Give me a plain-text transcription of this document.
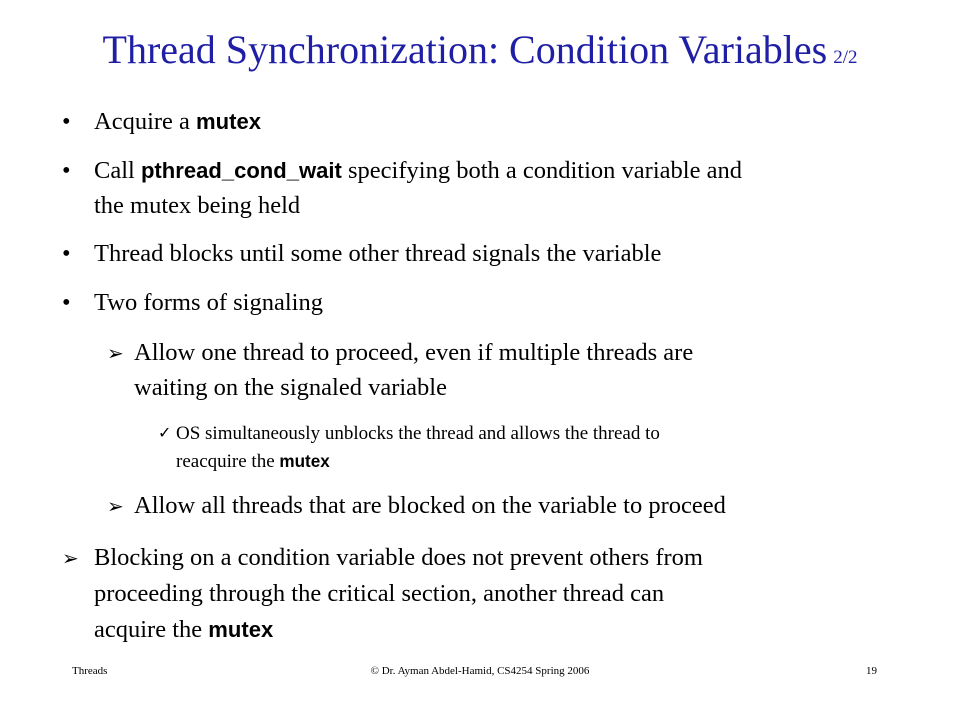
Thread Synchronization: Condition Variables 2/2
• Acquire a mutex
• Call pthread_cond_wait specifying both a condition variable and
the mutex being held
• Thread blocks until some other thread signals the variable
• Two forms of signaling
➢ Allow one thread to proceed, even if multiple threads are
waiting on the signaled variable
✓ OS simultaneously unblocks the thread and allows the thread to
reacquire the mutex
➢ Allow all threads that are blocked on the variable to proceed
➢ Blocking on a condition variable does not prevent others from
proceeding through the critical section, another thread can
acquire the mutex
Threads	© Dr. Ayman Abdel-Hamid, CS4254 Spring 2006	19
